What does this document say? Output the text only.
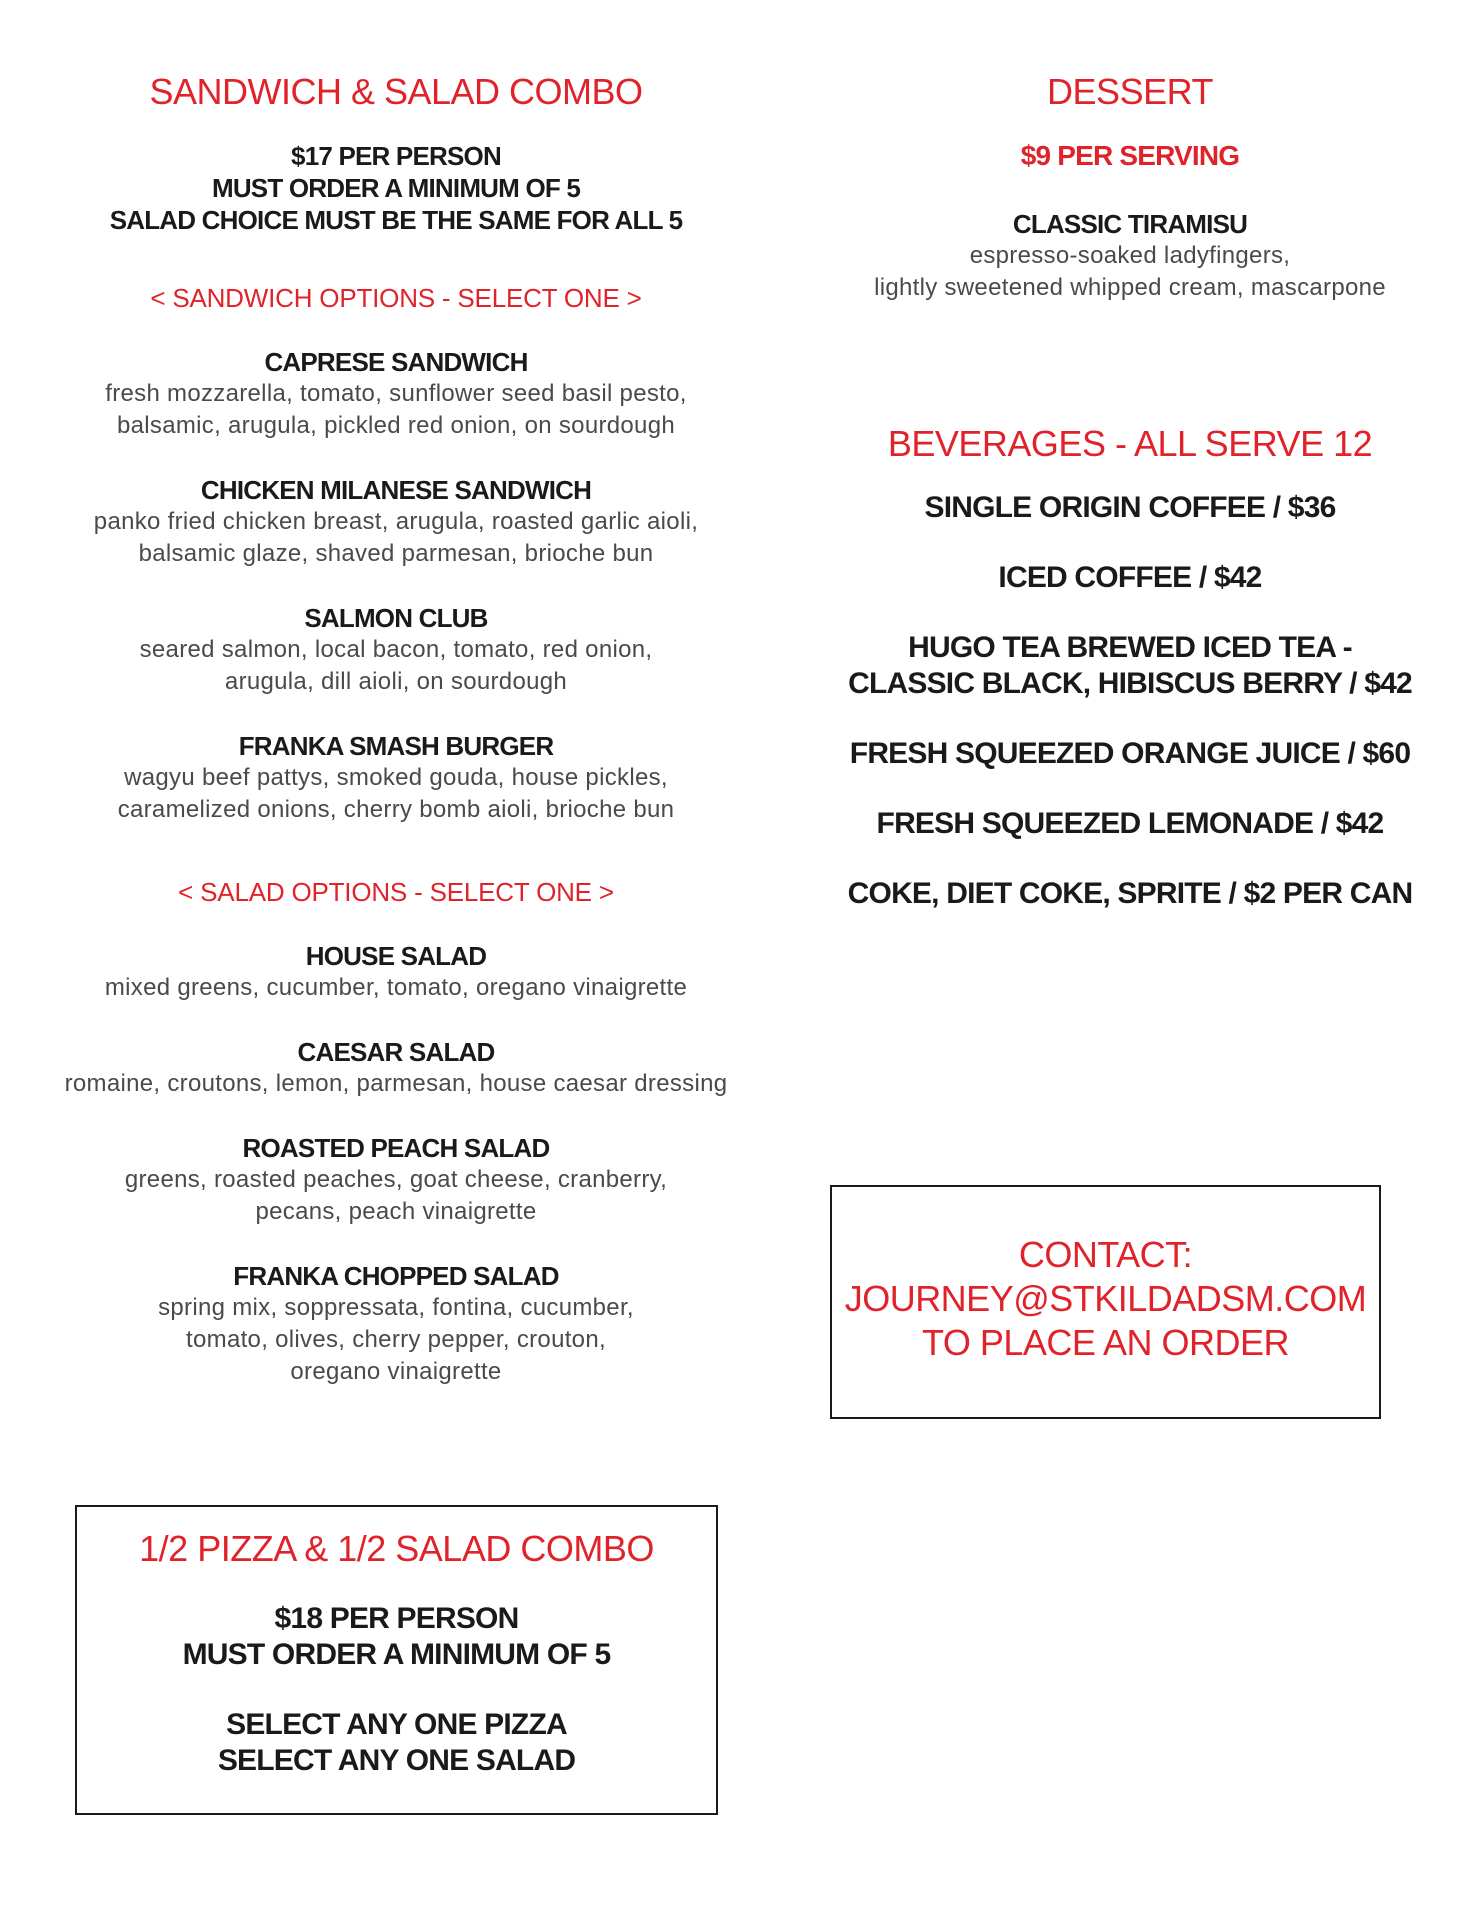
SANDWICH & SALAD COMBO
$17 PER PERSON
MUST ORDER A MINIMUM OF 5
SALAD CHOICE MUST BE THE SAME FOR ALL 5
< SANDWICH OPTIONS - SELECT ONE >
CAPRESE SANDWICH
fresh mozzarella, tomato, sunflower seed basil pesto,
balsamic, arugula, pickled red onion, on sourdough
CHICKEN MILANESE SANDWICH
panko fried chicken breast, arugula, roasted garlic aioli,
balsamic glaze, shaved parmesan, brioche bun
SALMON CLUB
seared salmon, local bacon, tomato, red onion,
arugula, dill aioli, on sourdough
FRANKA SMASH BURGER
wagyu beef pattys, smoked gouda, house pickles,
caramelized onions, cherry bomb aioli, brioche bun
< SALAD OPTIONS - SELECT ONE >
HOUSE SALAD
mixed greens, cucumber, tomato, oregano vinaigrette
CAESAR SALAD
romaine, croutons, lemon, parmesan, house caesar dressing
ROASTED PEACH SALAD
greens, roasted peaches, goat cheese, cranberry,
pecans, peach vinaigrette
FRANKA CHOPPED SALAD
spring mix, soppressata, fontina, cucumber,
tomato, olives, cherry pepper, crouton,
oregano vinaigrette
1/2 PIZZA & 1/2 SALAD COMBO
$18 PER PERSON
MUST ORDER A MINIMUM OF 5
SELECT ANY ONE PIZZA
SELECT ANY ONE SALAD
DESSERT
$9 PER SERVING
CLASSIC TIRAMISU
espresso-soaked ladyfingers,
lightly sweetened whipped cream, mascarpone
BEVERAGES - ALL SERVE 12
SINGLE ORIGIN COFFEE / $36
ICED COFFEE / $42
HUGO TEA BREWED ICED TEA -
CLASSIC BLACK, HIBISCUS BERRY / $42
FRESH SQUEEZED ORANGE JUICE / $60
FRESH SQUEEZED LEMONADE / $42
COKE, DIET COKE, SPRITE / $2 PER CAN
CONTACT:
JOURNEY@STKILDADSM.COM
TO PLACE AN ORDER
